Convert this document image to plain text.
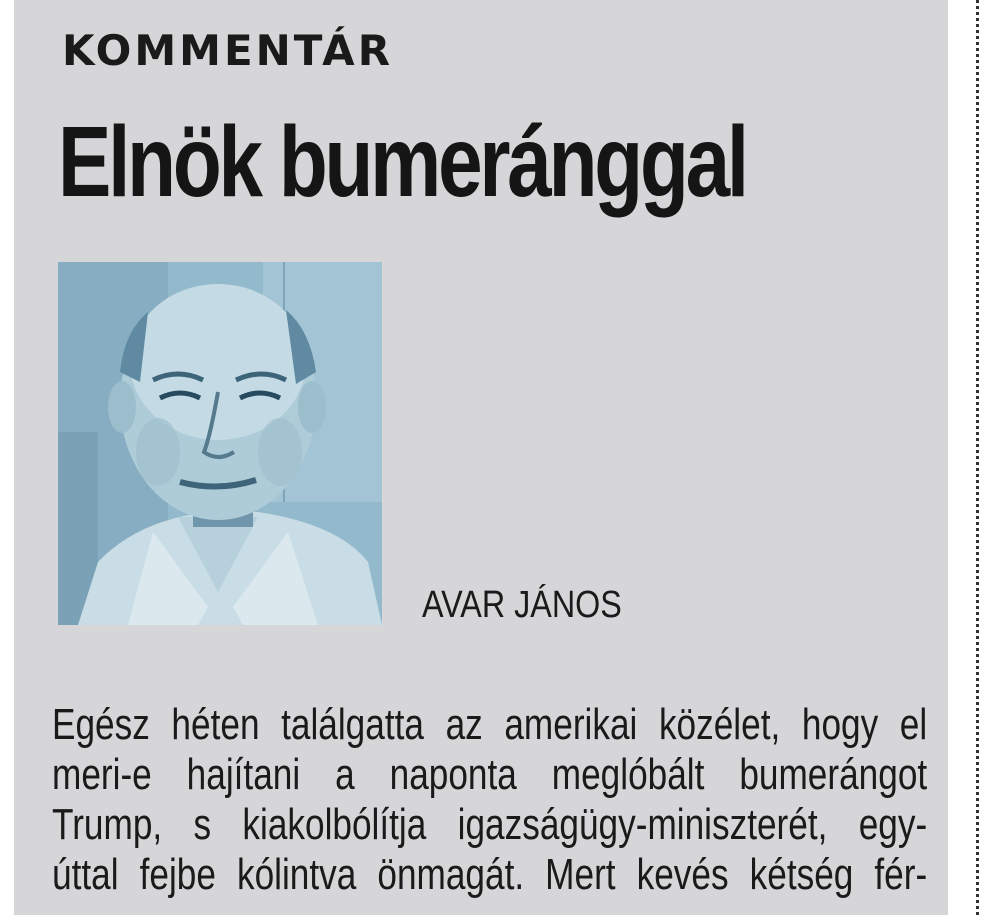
KOMMENTÁR
Elnök bumeránggal

AVAR JÁNOS

Egész héten találgatta az amerikai közélet, hogy el
meri-e hajítani a naponta meglóbált bumerángot
Trump, s kiakolbólítja igazságügy-miniszterét, egy-
úttal fejbe kólintva önmagát. Mert kevés kétség fér-
